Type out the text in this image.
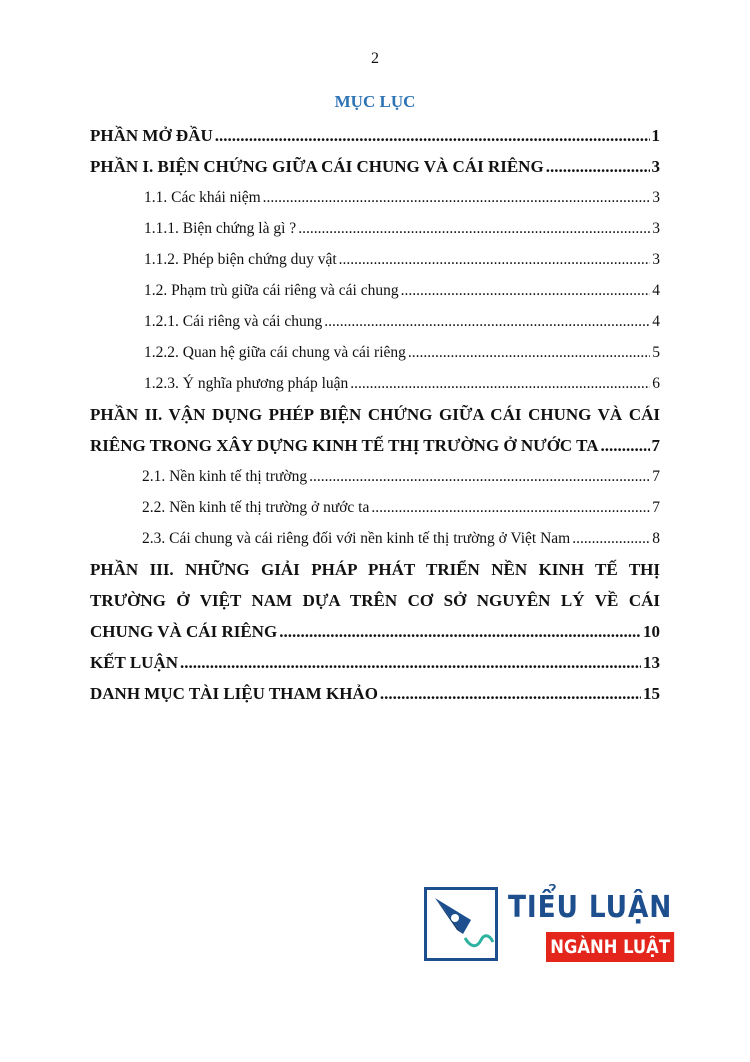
2
MỤC LỤC
PHẦN MỞ ĐẦU .....	1
PHẦN I. BIỆN CHỨNG GIỮA CÁI CHUNG VÀ CÁI RIÊNG .....	3
1.1. Các khái niệm .....	3
1.1.1. Biện chứng là gì ? .....	3
1.1.2. Phép biện chứng duy vật .....	3
1.2. Phạm trù giữa cái riêng và cái chung .....	4
1.2.1. Cái riêng và cái chung .....	4
1.2.2. Quan hệ giữa cái chung và cái riêng .....	5
1.2.3. Ý nghĩa phương pháp luận .....	6
PHẦN II. VẬN DỤNG PHÉP BIỆN CHỨNG GIỮA CÁI CHUNG VÀ CÁI
RIÊNG TRONG XÂY DỰNG KINH TẾ THỊ TRƯỜNG Ở NƯỚC TA .....	7
2.1. Nền kinh tế thị trường .....	7
2.2. Nền kinh tế thị trường ở nước ta .....	7
2.3. Cái chung và cái riêng đối với nền kinh tế thị trường ở Việt Nam .....	8
PHẦN III. NHỮNG GIẢI PHÁP PHÁT TRIỂN NỀN KINH TẾ THỊ
TRƯỜNG Ở VIỆT NAM DỰA TRÊN CƠ SỞ NGUYÊN LÝ VỀ CÁI
CHUNG VÀ CÁI RIÊNG .....	10
KẾT LUẬN .....	13
DANH MỤC TÀI LIỆU THAM KHẢO .....	15
TIỂU LUẬN
NGÀNH LUẬT
